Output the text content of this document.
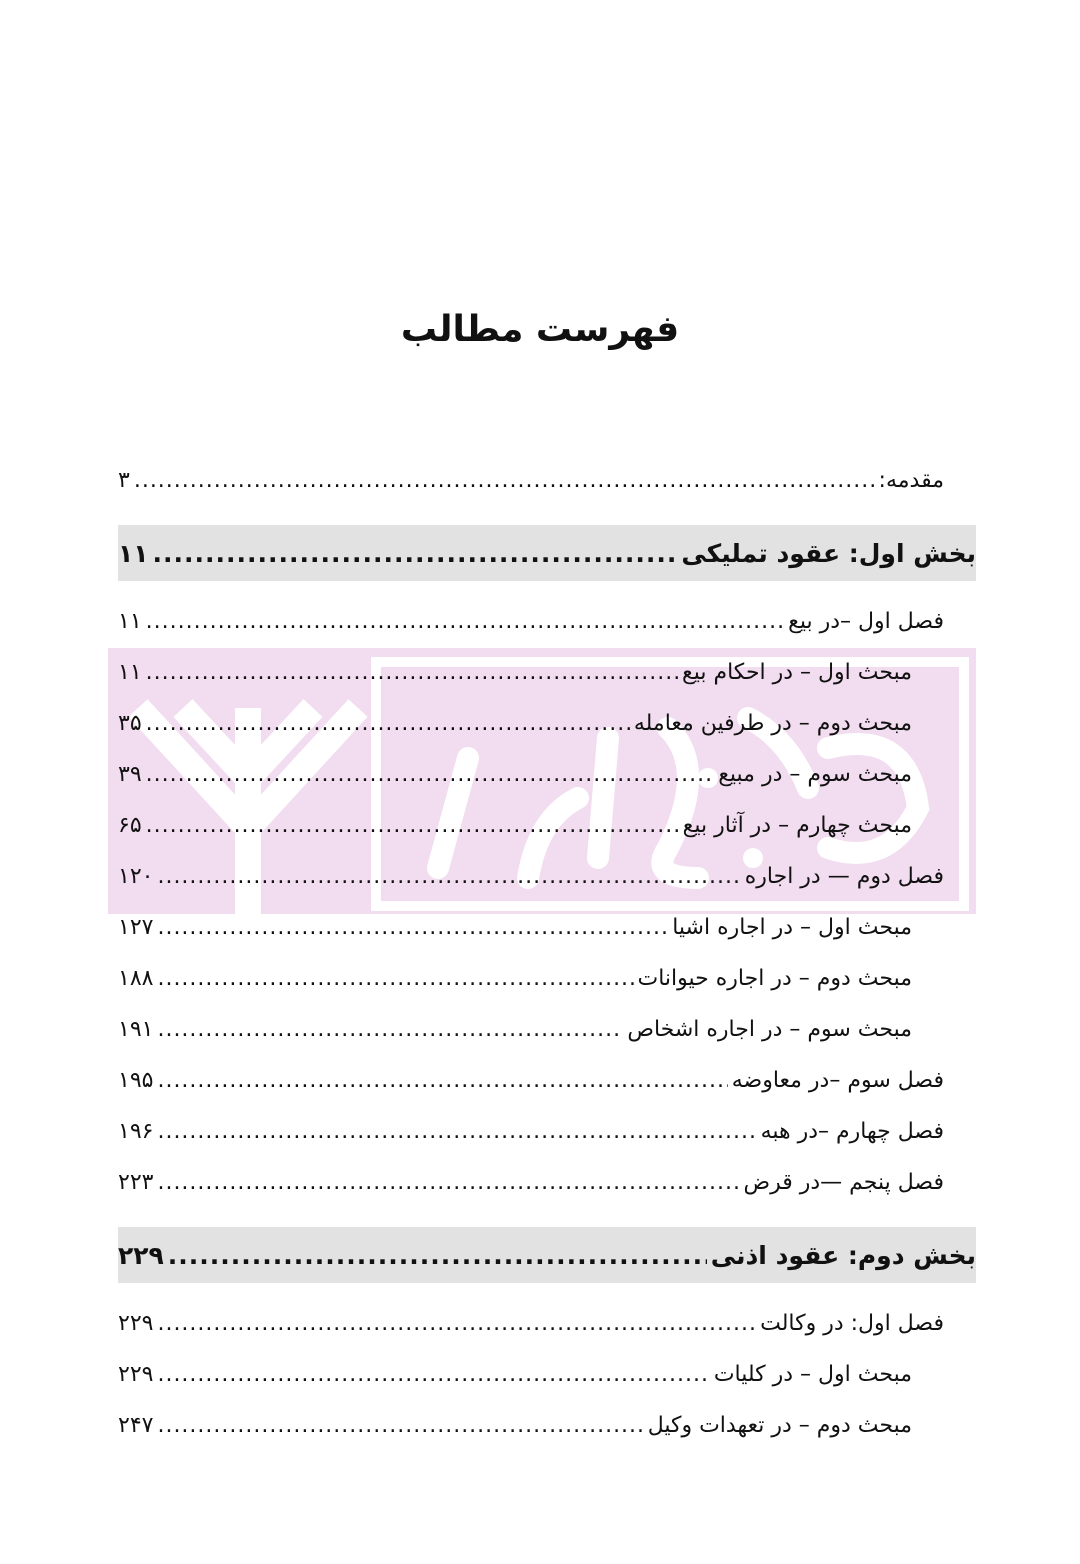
فهرست مطالب
مقدمه:
.....
۳
بخش اول: عقود تملیکی
.....
۱۱
فصل اول –در بیع
.....
۱۱
مبحث اول – در احکام بیع
.....
۱۱
مبحث دوم – در طرفین معامله
.....
۳۵
مبحث سوم – در مبیع
.....
۳۹
مبحث چهارم – در آثار بیع
.....
۶۵
فصل دوم — در اجاره
.....
۱۲۰
مبحث اول – در اجاره اشیا
.....
۱۲۷
مبحث دوم – در اجاره حیوانات
.....
۱۸۸
مبحث سوم – در اجاره اشخاص
.....
۱۹۱
فصل سوم –در معاوضه
.....
۱۹۵
فصل چهارم –در هبه
.....
۱۹۶
فصل پنجم —در قرض
.....
۲۲۳
بخش دوم: عقود اذنی
.....
۲۲۹
فصل اول: در وکالت
.....
۲۲۹
مبحث اول – در کلیات
.....
۲۲۹
مبحث دوم – در تعهدات وکیل
.....
۲۴۷
